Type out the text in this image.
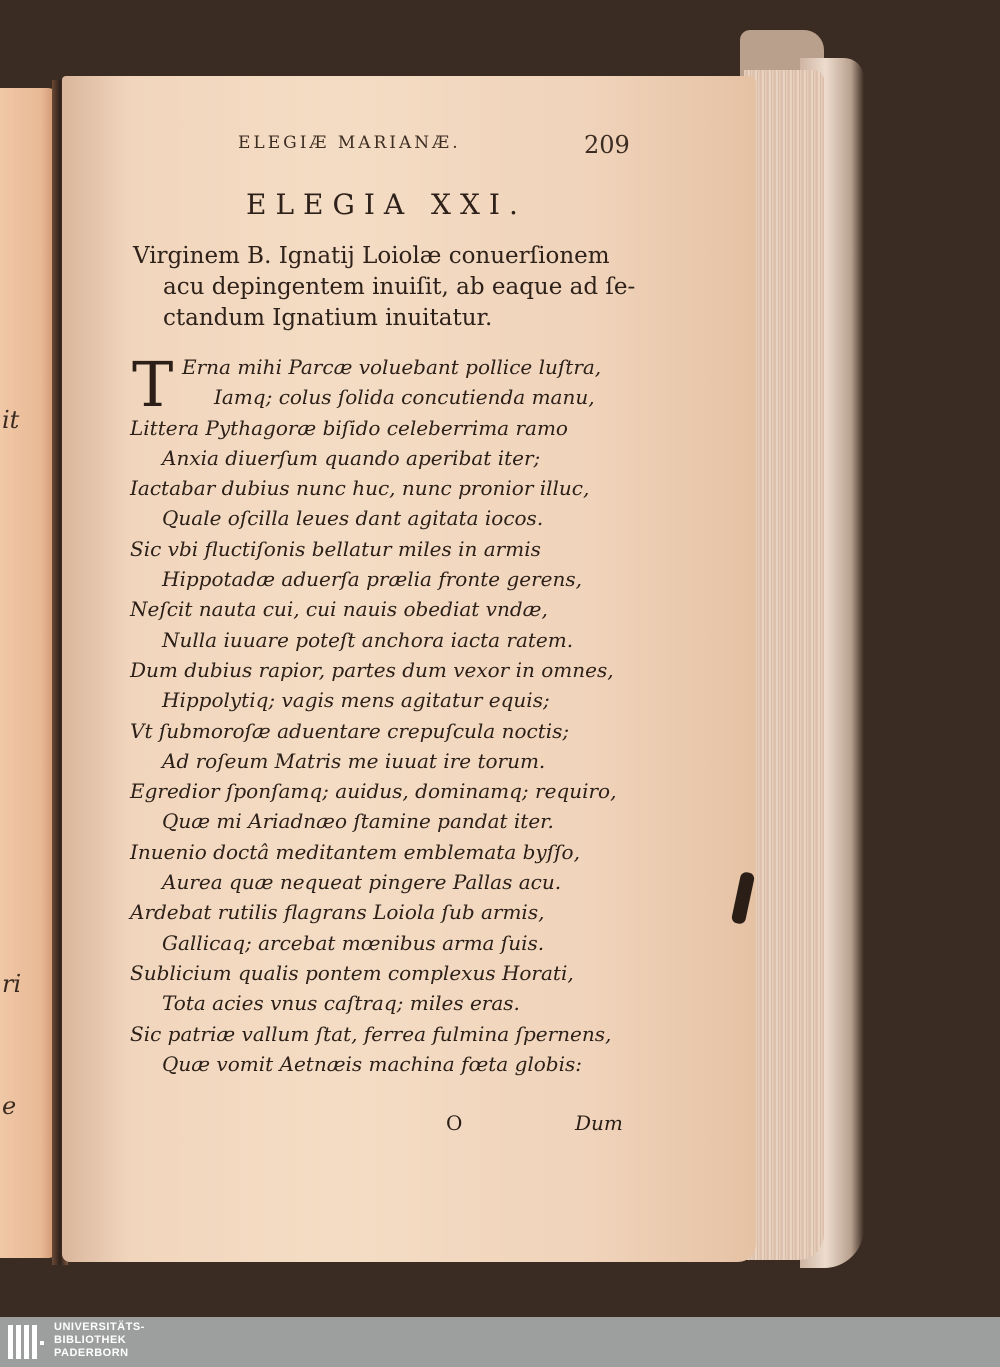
it
ri
e
ELEGIÆ MARIANÆ.	209
ELEGIA XXI.
Virginem B. Ignatij Loiolæ conuerſionem
acu depingentem inuiſit, ab eaque ad ſe-
ctandum Ignatium inuitatur.
T Erna mihi Parcæ voluebant pollice luſtra,
Iamq; colus ſolida concutienda manu,
Littera Pythagoræ biſido celeberrima ramo
Anxia diuerſum quando aperibat iter;
Iactabar dubius nunc huc, nunc pronior illuc,
Quale oſcilla leues dant agitata iocos.
Sic vbi fluctiſonis bellatur miles in armis
Hippotadæ aduerſa prælia fronte gerens,
Neſcit nauta cui, cui nauis obediat vndæ,
Nulla iuuare poteſt anchora iacta ratem.
Dum dubius rapior, partes dum vexor in omnes,
Hippolytiq; vagis mens agitatur equis;
Vt ſubmoroſæ aduentare crepuſcula noctis;
Ad roſeum Matris me iuuat ire torum.
Egredior ſponſamq; auidus, dominamq; requiro,
Quæ mi Ariadnæo ſtamine pandat iter.
Inuenio doctâ meditantem emblemata byſſo,
Aurea quæ nequeat pingere Pallas acu.
Ardebat rutilis flagrans Loiola ſub armis,
Gallicaq; arcebat mœnibus arma ſuis.
Sublicium qualis pontem complexus Horati,
Tota acies vnus caſtraq; miles eras.
Sic patriæ vallum ſtat, ferrea fulmina ſpernens,
Quæ vomit Aetnæis machina fœta globis:
O	Dum
UNIVERSITÄTS-
BIBLIOTHEK
PADERBORN
